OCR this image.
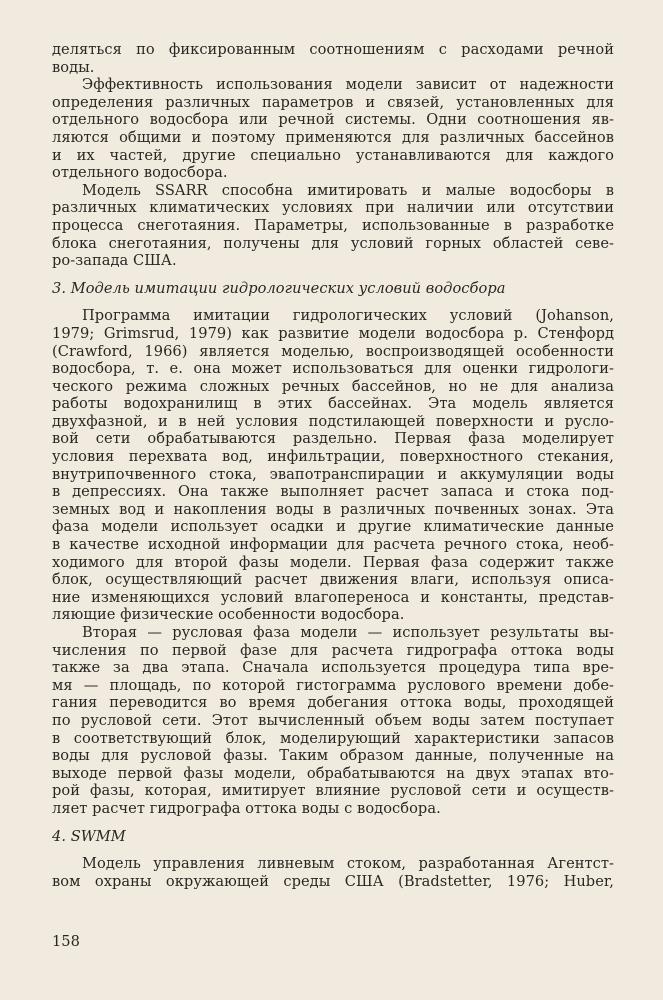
деляться по фиксированным соотношениям с расходами речной
воды.
Эффективность использования модели зависит от надежности
определения различных параметров и связей, установленных для
отдельного водосбора или речной системы. Одни соотношения яв-
ляются общими и поэтому применяются для различных бассейнов
и их частей, другие специально устанавливаются для каждого
отдельного водосбора.
Модель SSARR способна имитировать и малые водосборы в
различных климатических условиях при наличии или отсутствии
процесса снеготаяния. Параметры, использованные в разработке
блока снеготаяния, получены для условий горных областей севе-
ро-запада США.
3. Модель имитации гидрологических условий водосбора
Программа имитации гидрологических условий (Johanson,
1979; Grimsrud, 1979) как развитие модели водосбора р. Стенфорд
(Crawford, 1966) является моделью, воспроизводящей особенности
водосбора, т. е. она может использоваться для оценки гидрологи-
ческого режима сложных речных бассейнов, но не для анализа
работы водохранилищ в этих бассейнах. Эта модель является
двухфазной, и в ней условия подстилающей поверхности и русло-
вой сети обрабатываются раздельно. Первая фаза моделирует
условия перехвата вод, инфильтрации, поверхностного стекания,
внутрипочвенного стока, эвапотранспирации и аккумуляции воды
в депрессиях. Она также выполняет расчет запаса и стока под-
земных вод и накопления воды в различных почвенных зонах. Эта
фаза модели использует осадки и другие климатические данные
в качестве исходной информации для расчета речного стока, необ-
ходимого для второй фазы модели. Первая фаза содержит также
блок, осуществляющий расчет движения влаги, используя описа-
ние изменяющихся условий влагопереноса и константы, представ-
ляющие физические особенности водосбора.
Вторая — русловая фаза модели — использует результаты вы-
числения по первой фазе для расчета гидрографа оттока воды
также за два этапа. Сначала используется процедура типа вре-
мя — площадь, по которой гистограмма руслового времени добе-
гания переводится во время добегания оттока воды, проходящей
по русловой сети. Этот вычисленный объем воды затем поступает
в соответствующий блок, моделирующий характеристики запасов
воды для русловой фазы. Таким образом данные, полученные на
выходе первой фазы модели, обрабатываются на двух этапах вто-
рой фазы, которая, имитирует влияние русловой сети и осуществ-
ляет расчет гидрографа оттока воды с водосбора.
4. SWMM
Модель управления ливневым стоком, разработанная Агентст-
вом охраны окружающей среды США (Bradstetter, 1976; Huber,
158
